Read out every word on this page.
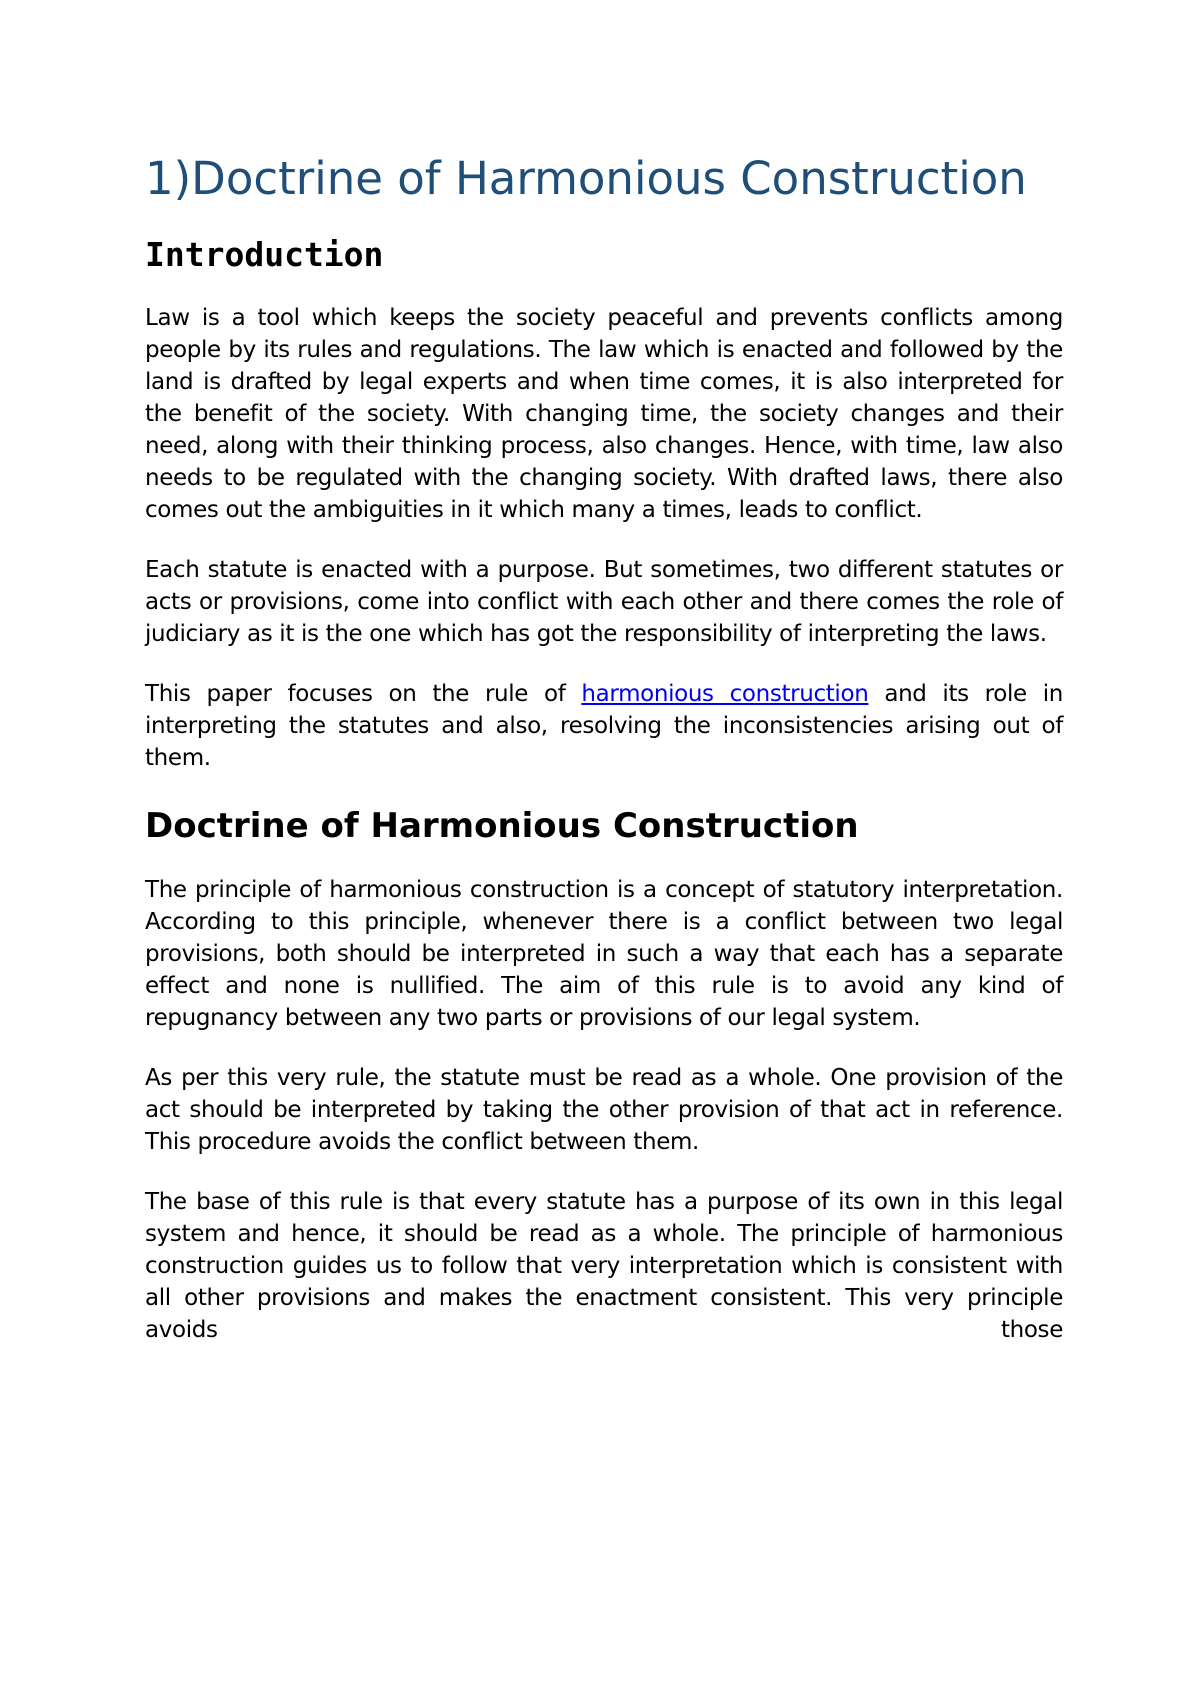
1)Doctrine of Harmonious Construction
Introduction

Law is a tool which keeps the society peaceful and prevents conflicts among people by its rules and regulations. The law which is enacted and followed by the land is drafted by legal experts and when time comes, it is also interpreted for the benefit of the society. With changing time, the society changes and their need, along with their thinking process, also changes. Hence, with time, law also needs to be regulated with the changing society. With drafted laws, there also comes out the ambiguities in it which many a times, leads to conflict.

Each statute is enacted with a purpose. But sometimes, two different statutes or acts or provisions, come into conflict with each other and there comes the role of judiciary as it is the one which has got the responsibility of interpreting the laws.

This paper focuses on the rule of harmonious construction and its role in interpreting the statutes and also, resolving the inconsistencies arising out of them.

Doctrine of Harmonious Construction

The principle of harmonious construction is a concept of statutory interpretation. According to this principle, whenever there is a conflict between two legal provisions, both should be interpreted in such a way that each has a separate effect and none is nullified. The aim of this rule is to avoid any kind of repugnancy between any two parts or provisions of our legal system.

As per this very rule, the statute must be read as a whole. One provision of the act should be interpreted by taking the other provision of that act in reference. This procedure avoids the conflict between them.

The base of this rule is that every statute has a purpose of its own in this legal system and hence, it should be read as a whole. The principle of harmonious construction guides us to follow that very interpretation which is consistent with all other provisions and makes the enactment consistent. This very principle avoids those
